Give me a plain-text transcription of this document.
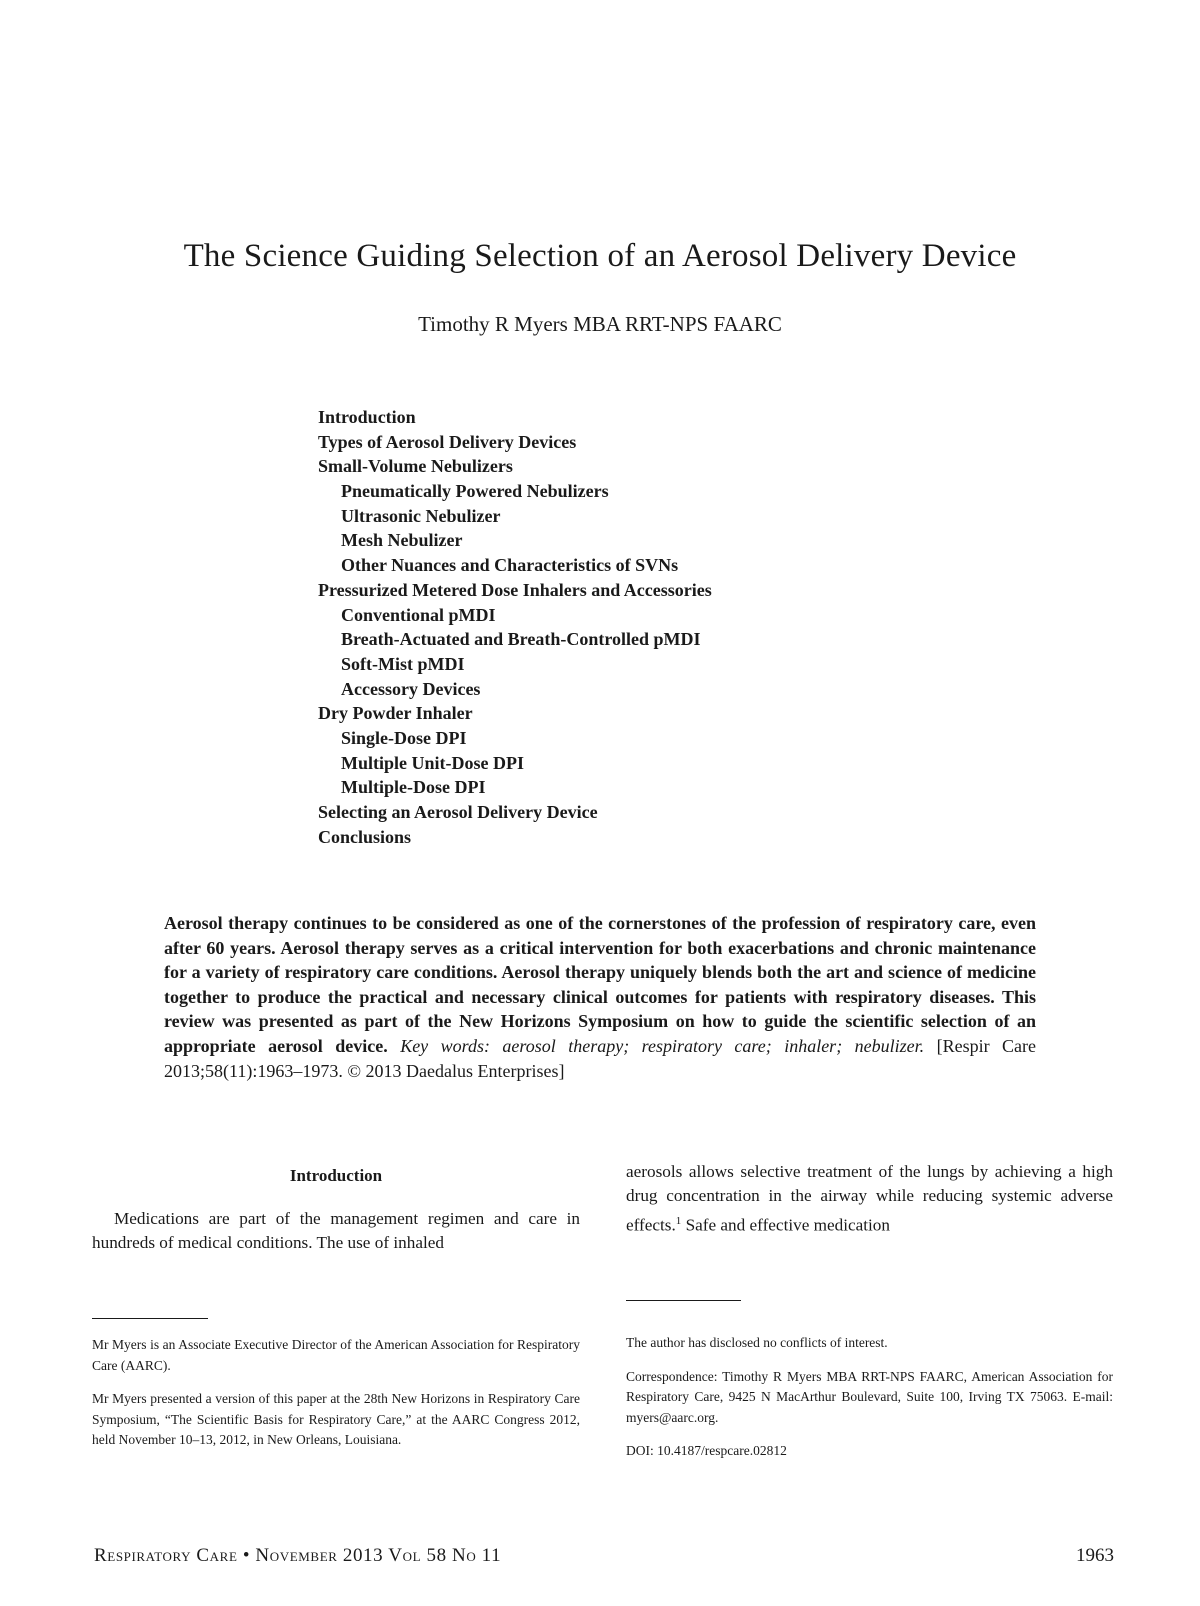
The Science Guiding Selection of an Aerosol Delivery Device
Timothy R Myers MBA RRT-NPS FAARC
Introduction
Types of Aerosol Delivery Devices
Small-Volume Nebulizers
Pneumatically Powered Nebulizers
Ultrasonic Nebulizer
Mesh Nebulizer
Other Nuances and Characteristics of SVNs
Pressurized Metered Dose Inhalers and Accessories
Conventional pMDI
Breath-Actuated and Breath-Controlled pMDI
Soft-Mist pMDI
Accessory Devices
Dry Powder Inhaler
Single-Dose DPI
Multiple Unit-Dose DPI
Multiple-Dose DPI
Selecting an Aerosol Delivery Device
Conclusions
Aerosol therapy continues to be considered as one of the cornerstones of the profession of respiratory care, even after 60 years. Aerosol therapy serves as a critical intervention for both exacerbations and chronic maintenance for a variety of respiratory care conditions. Aerosol therapy uniquely blends both the art and science of medicine together to produce the practical and necessary clinical outcomes for patients with respiratory diseases. This review was presented as part of the New Horizons Symposium on how to guide the scientific selection of an appropriate aerosol device. Key words: aerosol therapy; respiratory care; inhaler; nebulizer. [Respir Care 2013;58(11):1963–1973. © 2013 Daedalus Enterprises]
Introduction
Medications are part of the management regimen and care in hundreds of medical conditions. The use of inhaled
aerosols allows selective treatment of the lungs by achieving a high drug concentration in the airway while reducing systemic adverse effects.$^1$ Safe and effective medication

Mr Myers is an Associate Executive Director of the American Association for Respiratory Care (AARC).

Mr Myers presented a version of this paper at the 28th New Horizons in Respiratory Care Symposium, “The Scientific Basis for Respiratory Care,” at the AARC Congress 2012, held November 10–13, 2012, in New Orleans, Louisiana.

The author has disclosed no conflicts of interest.

Correspondence: Timothy R Myers MBA RRT-NPS FAARC, American Association for Respiratory Care, 9425 N MacArthur Boulevard, Suite 100, Irving TX 75063. E-mail: myers@aarc.org.

DOI: 10.4187/respcare.02812

Respiratory Care • November 2013 Vol 58 No 11	1963
